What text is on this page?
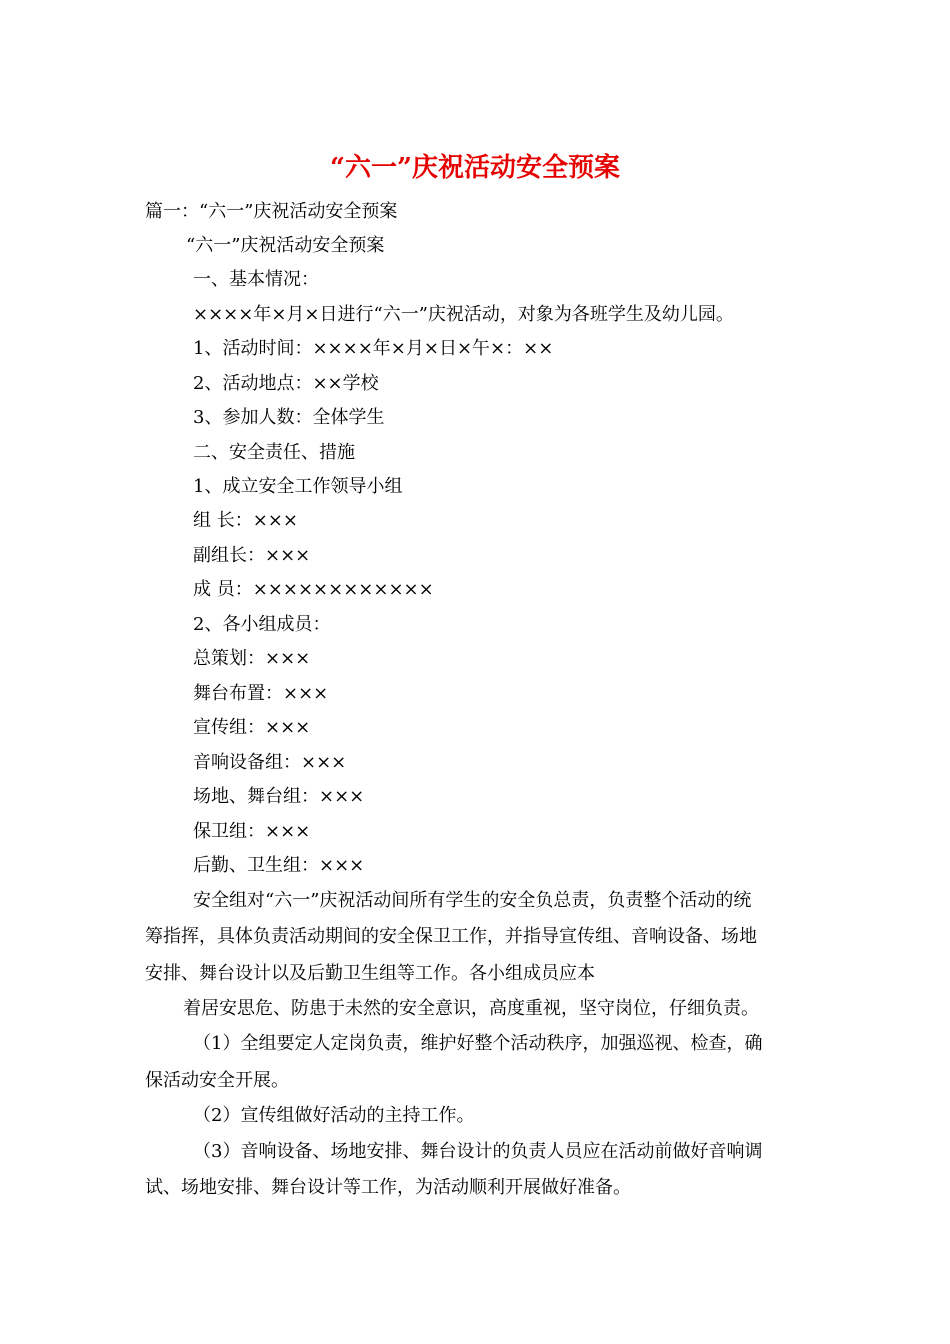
“六一”庆祝活动安全预案
篇一：“六一”庆祝活动安全预案
“六一”庆祝活动安全预案
一、基本情况：
××××年×月×日进行“六一”庆祝活动，对象为各班学生及幼儿园。
1、活动时间：××××年×月×日×午×：××
2、活动地点：××学校
3、参加人数：全体学生
二、安全责任、措施
1、成立安全工作领导小组
组 长：×××
副组长：×××
成 员：××××××××××××
2、各小组成员：
总策划：×××
舞台布置：×××
宣传组：×××
音响设备组：×××
场地、舞台组：×××
保卫组：×××
后勤、卫生组：×××
安全组对“六一”庆祝活动间所有学生的安全负总责，负责整个活动的统
筹指挥，具体负责活动期间的安全保卫工作，并指导宣传组、音响设备、场地
安排、舞台设计以及后勤卫生组等工作。各小组成员应本
着居安思危、防患于未然的安全意识，高度重视，坚守岗位，仔细负责。
（1）全组要定人定岗负责，维护好整个活动秩序，加强巡视、检查，确
保活动安全开展。
（2）宣传组做好活动的主持工作。
（3）音响设备、场地安排、舞台设计的负责人员应在活动前做好音响调
试、场地安排、舞台设计等工作，为活动顺利开展做好准备。
